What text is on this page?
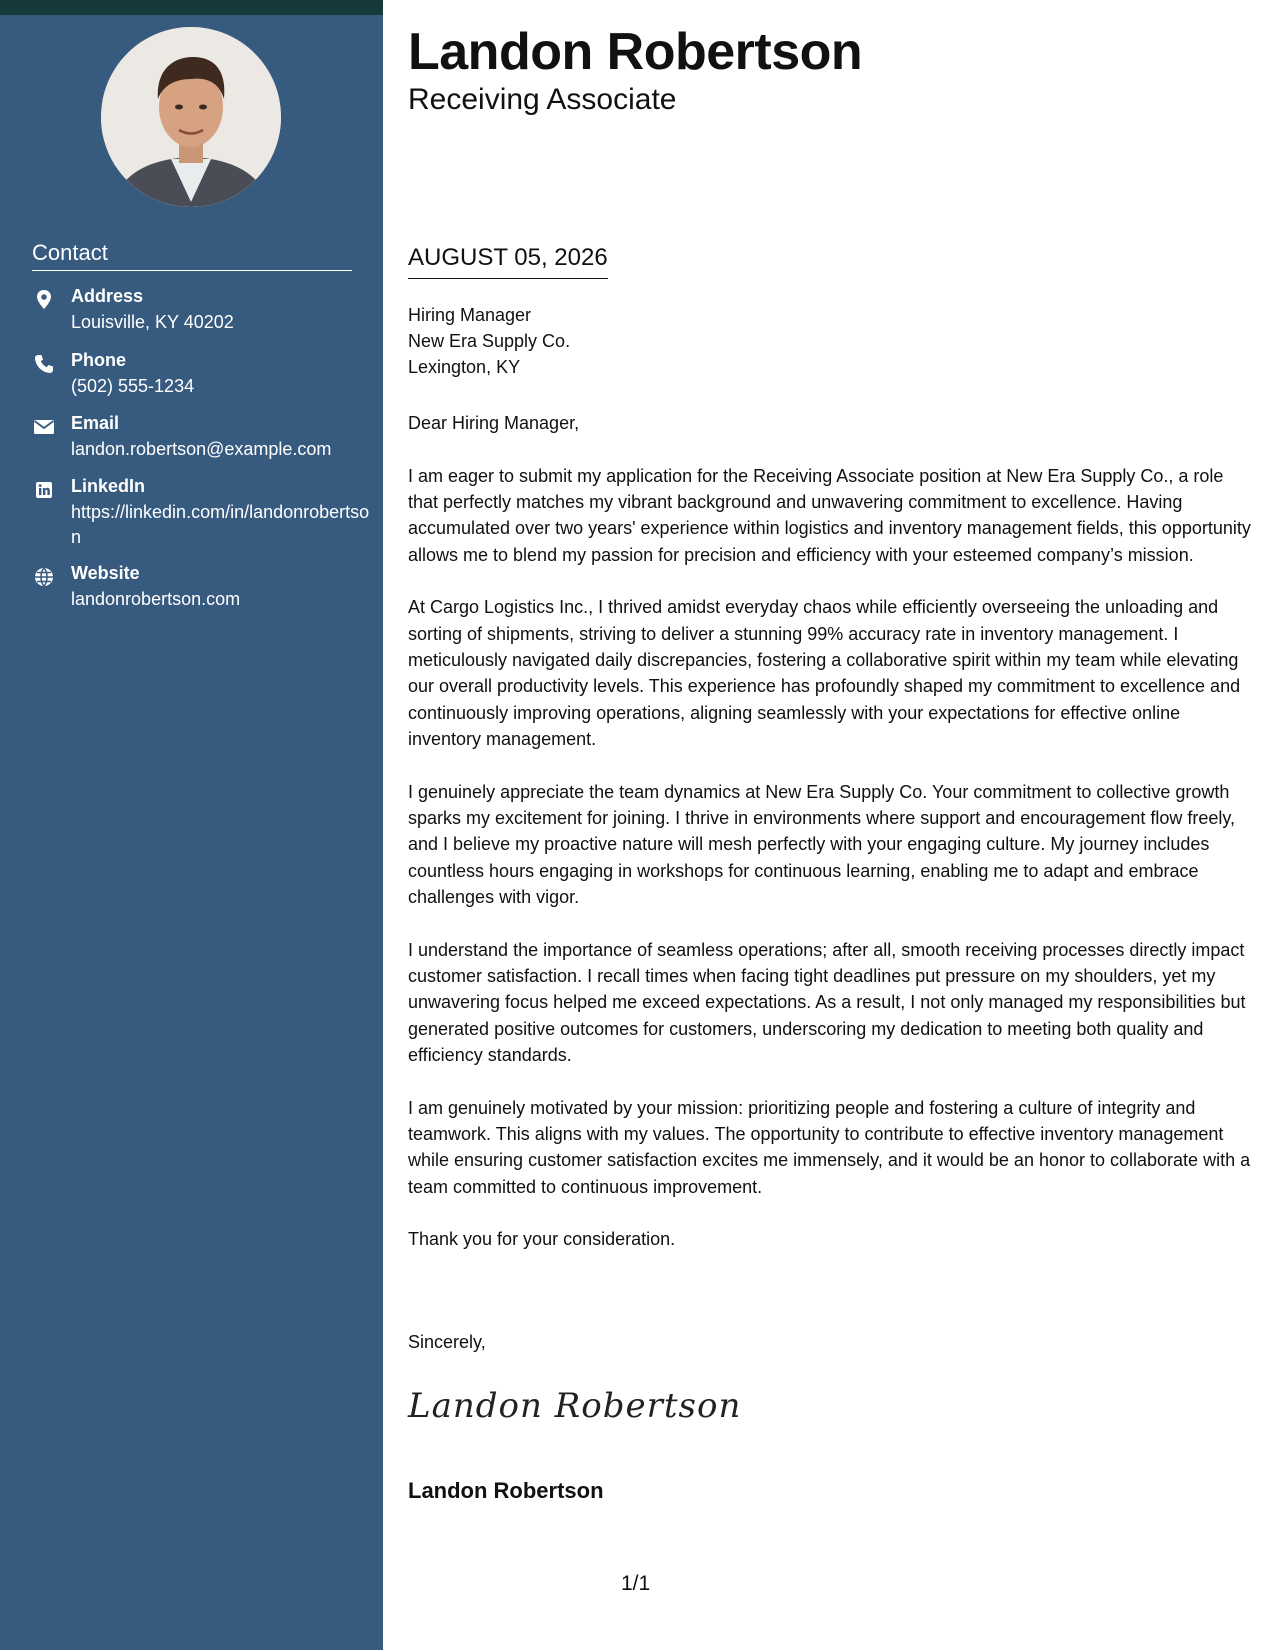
Contact
Address
Louisville, KY 40202
Phone
(502) 555-1234
Email
landon.robertson@example.com
LinkedIn
https://linkedin.com/in/landonrobertson
Website
landonrobertson.com
Landon Robertson
Receiving Associate
AUGUST 05, 2026
Hiring Manager
New Era Supply Co.
Lexington, KY

Dear Hiring Manager,

I am eager to submit my application for the Receiving Associate position at New Era Supply Co., a role that perfectly matches my vibrant background and unwavering commitment to excellence. Having accumulated over two years' experience within logistics and inventory management fields, this opportunity allows me to blend my passion for precision and efficiency with your esteemed company’s mission.

At Cargo Logistics Inc., I thrived amidst everyday chaos while efficiently overseeing the unloading and sorting of shipments, striving to deliver a stunning 99% accuracy rate in inventory management. I meticulously navigated daily discrepancies, fostering a collaborative spirit within my team while elevating our overall productivity levels. This experience has profoundly shaped my commitment to excellence and continuously improving operations, aligning seamlessly with your expectations for effective online inventory management.

I genuinely appreciate the team dynamics at New Era Supply Co. Your commitment to collective growth sparks my excitement for joining. I thrive in environments where support and encouragement flow freely, and I believe my proactive nature will mesh perfectly with your engaging culture. My journey includes countless hours engaging in workshops for continuous learning, enabling me to adapt and embrace challenges with vigor.

I understand the importance of seamless operations; after all, smooth receiving processes directly impact customer satisfaction. I recall times when facing tight deadlines put pressure on my shoulders, yet my unwavering focus helped me exceed expectations. As a result, I not only managed my responsibilities but generated positive outcomes for customers, underscoring my dedication to meeting both quality and efficiency standards.

I am genuinely motivated by your mission: prioritizing people and fostering a culture of integrity and teamwork. This aligns with my values. The opportunity to contribute to effective inventory management while ensuring customer satisfaction excites me immensely, and it would be an honor to collaborate with a team committed to continuous improvement.

Thank you for your consideration.

Sincerely,
Landon Robertson
Landon Robertson
1/1
